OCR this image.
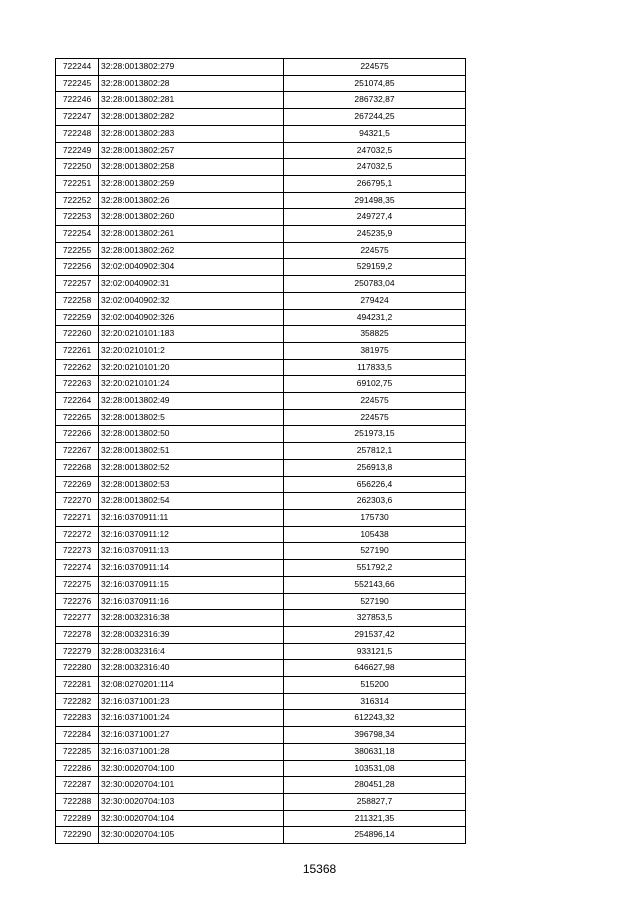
722244	32:28:0013802:279	224575
722245	32:28:0013802:28	251074,85
722246	32:28:0013802:281	286732,87
722247	32:28:0013802:282	267244,25
722248	32:28:0013802:283	94321,5
722249	32:28:0013802:257	247032,5
722250	32:28:0013802:258	247032,5
722251	32:28:0013802:259	266795,1
722252	32:28:0013802:26	291498,35
722253	32:28:0013802:260	249727,4
722254	32:28:0013802:261	245235,9
722255	32:28:0013802:262	224575
722256	32:02:0040902:304	529159,2
722257	32:02:0040902:31	250783,04
722258	32:02:0040902:32	279424
722259	32:02:0040902:326	494231,2
722260	32:20:0210101:183	358825
722261	32:20:0210101:2	381975
722262	32:20:0210101:20	117833,5
722263	32:20:0210101:24	69102,75
722264	32:28:0013802:49	224575
722265	32:28:0013802:5	224575
722266	32:28:0013802:50	251973,15
722267	32:28:0013802:51	257812,1
722268	32:28:0013802:52	256913,8
722269	32:28:0013802:53	656226,4
722270	32:28:0013802:54	262303,6
722271	32:16:0370911:11	175730
722272	32:16:0370911:12	105438
722273	32:16:0370911:13	527190
722274	32:16:0370911:14	551792,2
722275	32:16:0370911:15	552143,66
722276	32:16:0370911:16	527190
722277	32:28:0032316:38	327853,5
722278	32:28:0032316:39	291537,42
722279	32:28:0032316:4	933121,5
722280	32:28:0032316:40	646627,98
722281	32:08:0270201:114	515200
722282	32:16:0371001:23	316314
722283	32:16:0371001:24	612243,32
722284	32:16:0371001:27	396798,34
722285	32:16:0371001:28	380631,18
722286	32:30:0020704:100	103531,08
722287	32:30:0020704:101	280451,28
722288	32:30:0020704:103	258827,7
722289	32:30:0020704:104	211321,35
722290	32:30:0020704:105	254896,14
15368
